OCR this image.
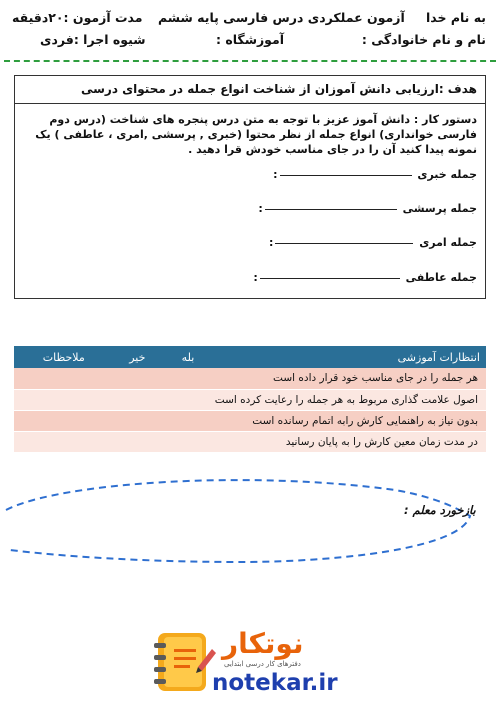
به نام خدا
آزمون عملکردی درس فارسی پایه ششم
مدت آزمون :۲۰دقیقه
نام و نام خانوادگی :
آموزشگاه :
شیوه اجرا :فردی
هدف :ارزیابی دانش آموزان از شناخت انواع جمله در محتوای درسی
دستور کار : دانش آموز عزیز با توجه به متن درس پنجره های شناخت (درس دوم فارسی خوانداری) انواع جمله از نظر محتوا (خبری , پرسشی ,امری ، عاطفی ) یک نمونه پیدا کنید آن را در جای مناسب خودش قرا دهید .
جمله خبری :
جمله پرسشی :
جمله امری :
جمله عاطفی :
انتظارات آموزشی	بله	خیر	ملاحظات
هر جمله را در جای مناسب خود قرار داده است			
اصول علامت گذاری مربوط به هر جمله را رعایت کرده است			
بدون نیاز به راهنمایی کارش رابه اتمام رسانده است			
در مدت زمان معین کارش را به پایان رسانید			
بازخورد معلم :
نوتکار
دفترهای کار درسی ابتدایی
notekar.ir
